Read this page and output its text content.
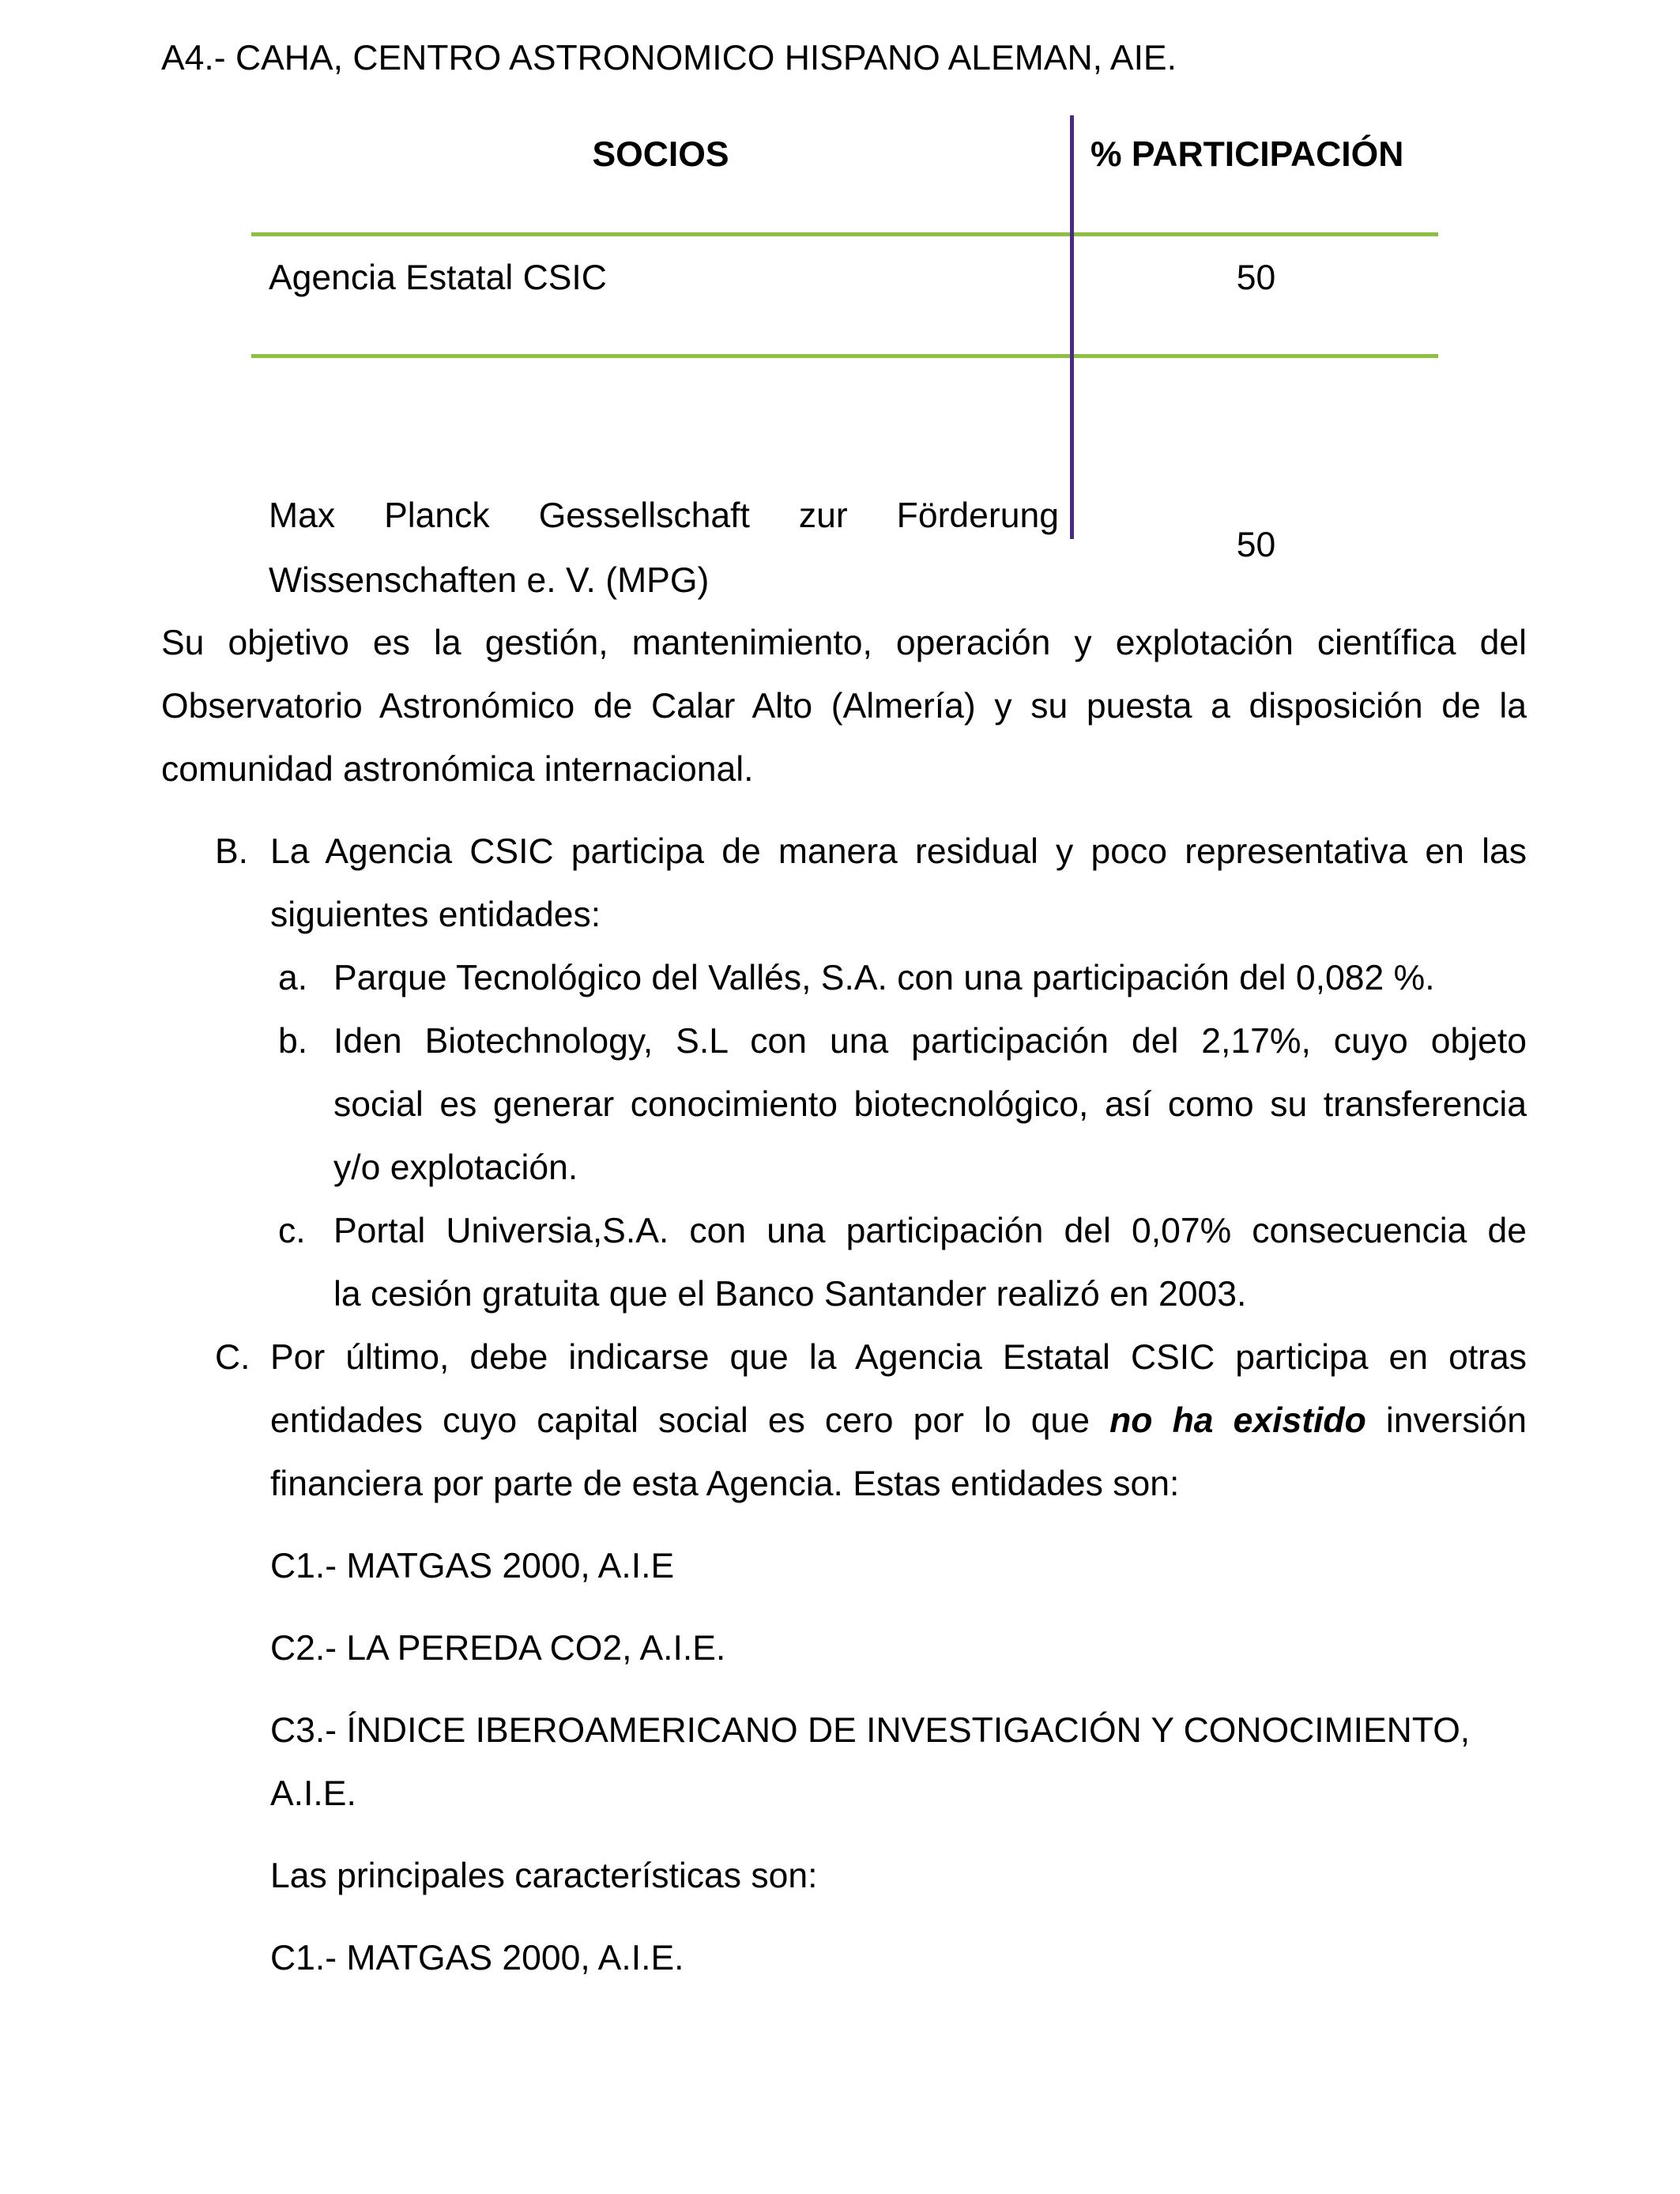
A4.- CAHA, CENTRO ASTRONOMICO HISPANO ALEMAN, AIE.
SOCIOS	% PARTICIPACIÓN
Agencia Estatal CSIC	50
Max Planck Gessellschaft zur Förderung
Wissenschaften e. V. (MPG)
50
Su objetivo es la gestión, mantenimiento, operación y explotación científica del
Observatorio Astronómico de Calar Alto (Almería) y su puesta a disposición de la
comunidad astronómica internacional.
B. La Agencia CSIC participa de manera residual y poco representativa en las
siguientes entidades:
a. Parque Tecnológico del Vallés, S.A. con una participación del 0,082 %.
b. Iden Biotechnology, S.L con una participación del 2,17%, cuyo objeto
social es generar conocimiento biotecnológico, así como su transferencia
y/o explotación.
c. Portal Universia,S.A. con una participación del 0,07% consecuencia de
la cesión gratuita que el Banco Santander realizó en 2003.
C. Por último, debe indicarse que la Agencia Estatal CSIC participa en otras
entidades cuyo capital social es cero por lo que no ha existido inversión
financiera por parte de esta Agencia. Estas entidades son:
C1.- MATGAS 2000, A.I.E
C2.- LA PEREDA CO2, A.I.E.
C3.- ÍNDICE IBEROAMERICANO DE INVESTIGACIÓN Y CONOCIMIENTO,
A.I.E.
Las principales características son:
C1.- MATGAS 2000, A.I.E.
